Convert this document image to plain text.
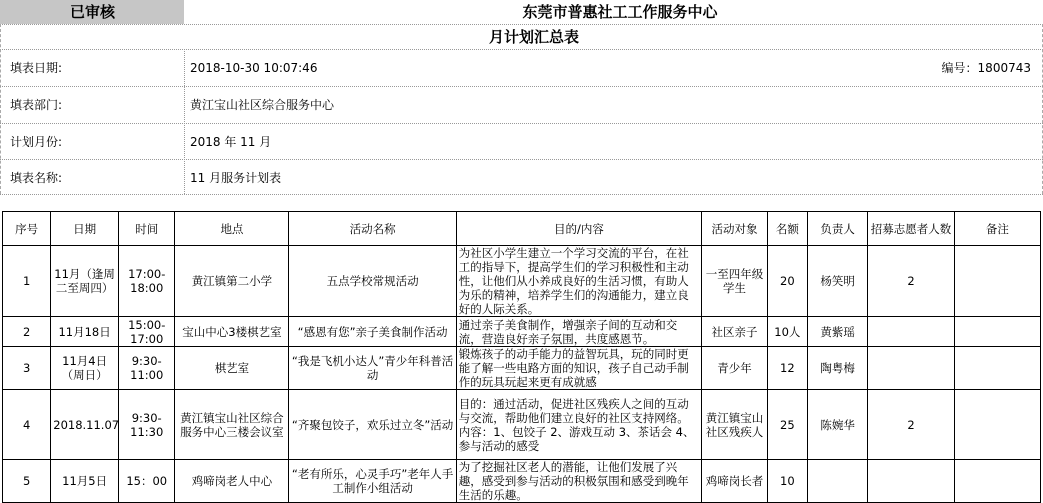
已审核	东莞市普惠社工工作服务中心
月计划汇总表
填表日期:	2018-10-30 10:07:46	编号：1800743
填表部门:	黄江宝山社区综合服务中心
计划月份:	2018 年 11 月
填表名称:	11 月服务计划表
序号	日期	时间	地点	活动名称	目的/内容	活动对象	名额	负责人	招募志愿者人数	备注
1	11月（逢周二至周四）	17:00-18:00	黄江镇第二小学	五点学校常规活动	为社区小学生建立一个学习交流的平台，在社工的指导下，提高学生们的学习积极性和主动性，让他们从小养成良好的生活习惯，有助人为乐的精神，培养学生们的沟通能力，建立良好的人际关系。	一至四年级学生	20	杨笑明	2	
2	11月18日	15:00-17:00	宝山中心3楼棋艺室	“感恩有您”亲子美食制作活动	通过亲子美食制作，增强亲子间的互动和交流，营造良好亲子氛围，共度感恩节。	社区亲子	10人	黄紫瑶		
3	11月4日（周日）	9:30-11:00	棋艺室	“我是飞机小达人”青少年科普活动	锻炼孩子的动手能力的益智玩具，玩的同时更能了解一些电路方面的知识，孩子自己动手制作的玩具玩起来更有成就感	青少年	12	陶粤梅		
4	2018.11.07	9:30-11:30	黄江镇宝山社区综合服务中心三楼会议室	“齐聚包饺子，欢乐过立冬”活动	目的：通过活动，促进社区残疾人之间的互动与交流，帮助他们建立良好的社区支持网络。
内容：1、包饺子 2、游戏互动 3、茶话会 4、参与活动的感受	黄江镇宝山社区残疾人	25	陈婉华	2	
5	11月5日	15：00	鸡啼岗老人中心	“老有所乐，心灵手巧”老年人手工制作小组活动	为了挖掘社区老人的潜能，让他们发展了兴趣，感受到参与活动的积极氛围和感受到晚年生活的乐趣。	鸡啼岗长者	10			
